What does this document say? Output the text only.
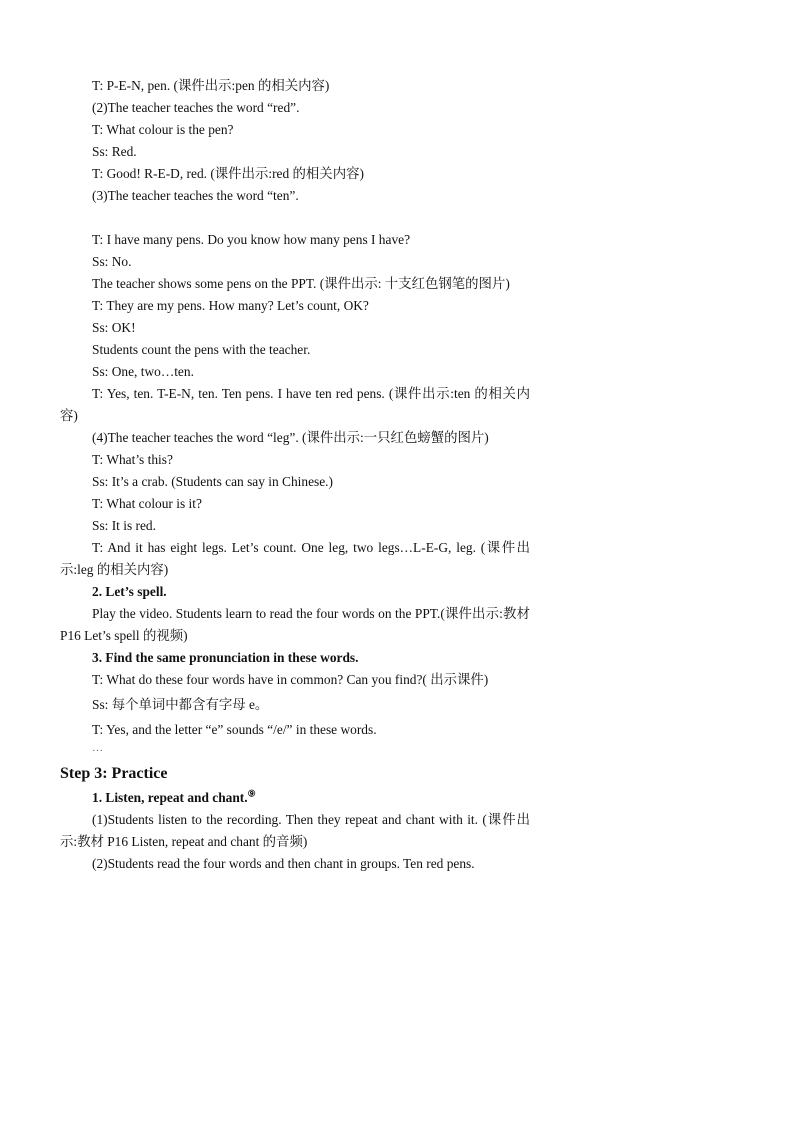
T: P-E-N, pen. (课件出示:pen 的相关内容)

(2)The teacher teaches the word “red”.

T: What colour is the pen?

Ss: Red.

T: Good! R-E-D, red. (课件出示:red 的相关内容)

(3)The teacher teaches the word “ten”.

T: I have many pens. Do you know how many pens I have?

Ss: No.

The teacher shows some pens on the PPT. (课件出示: 十支红色钢笔的图片)

T: They are my pens. How many? Let’s count, OK?

Ss: OK!

Students count the pens with the teacher.

Ss: One, two…ten.

T: Yes, ten. T-E-N, ten. Ten pens. I have ten red pens. (课件出示:ten 的相关内容)

(4)The teacher teaches the word “leg”. (课件出示:一只红色螃蟹的图片)

T: What’s this?

Ss: It’s a crab. (Students can say in Chinese.)

T: What colour is it?

Ss: It is red.

T: And it has eight legs. Let’s count. One leg, two legs…L-E-G, leg. (课件出示:leg 的相关内容)

2. Let’s spell.

Play the video. Students learn to read the four words on the PPT.(课件出示:教材 P16 Let’s spell 的视频)

3. Find the same pronunciation in these words.

T: What do these four words have in common? Can you find?( 出示课件)

Ss: 每个单词中都含有字母 e。

T: Yes, and the letter “e” sounds “/e/” in these words.

…

Step 3: Practice

1. Listen, repeat and chant.⑨

(1)Students listen to the recording. Then they repeat and chant with it. (课件出示:教材 P16 Listen, repeat and chant 的音频)

(2)Students read the four words and then chant in groups. Ten red pens.
